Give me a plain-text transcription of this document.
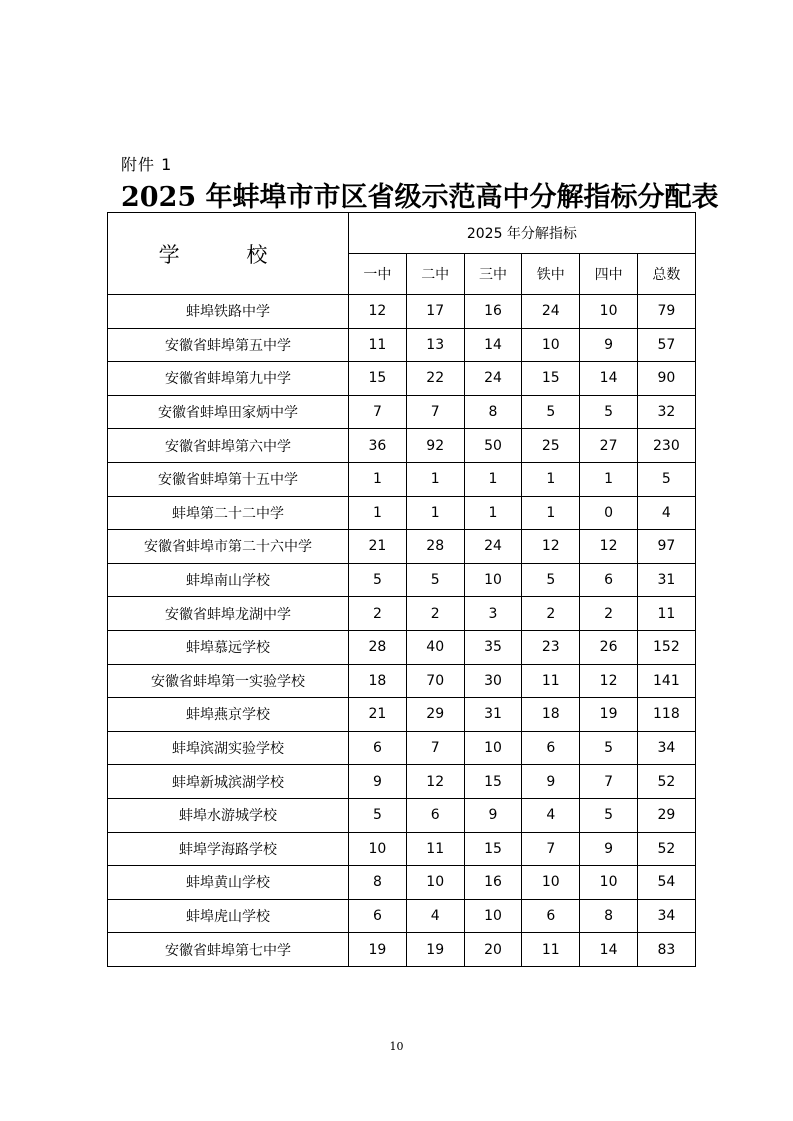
附件 1
2025 年蚌埠市市区省级示范高中分解指标分配表
学 校	2025 年分解指标					
	一中	二中	三中	铁中	四中	总数
蚌埠铁路中学	12	17	16	24	10	79
安徽省蚌埠第五中学	11	13	14	10	9	57
安徽省蚌埠第九中学	15	22	24	15	14	90
安徽省蚌埠田家炳中学	7	7	8	5	5	32
安徽省蚌埠第六中学	36	92	50	25	27	230
安徽省蚌埠第十五中学	1	1	1	1	1	5
蚌埠第二十二中学	1	1	1	1	0	4
安徽省蚌埠市第二十六中学	21	28	24	12	12	97
蚌埠南山学校	5	5	10	5	6	31
安徽省蚌埠龙湖中学	2	2	3	2	2	11
蚌埠慕远学校	28	40	35	23	26	152
安徽省蚌埠第一实验学校	18	70	30	11	12	141
蚌埠燕京学校	21	29	31	18	19	118
蚌埠滨湖实验学校	6	7	10	6	5	34
蚌埠新城滨湖学校	9	12	15	9	7	52
蚌埠水游城学校	5	6	9	4	5	29
蚌埠学海路学校	10	11	15	7	9	52
蚌埠黄山学校	8	10	16	10	10	54
蚌埠虎山学校	6	4	10	6	8	34
安徽省蚌埠第七中学	19	19	20	11	14	83
10
